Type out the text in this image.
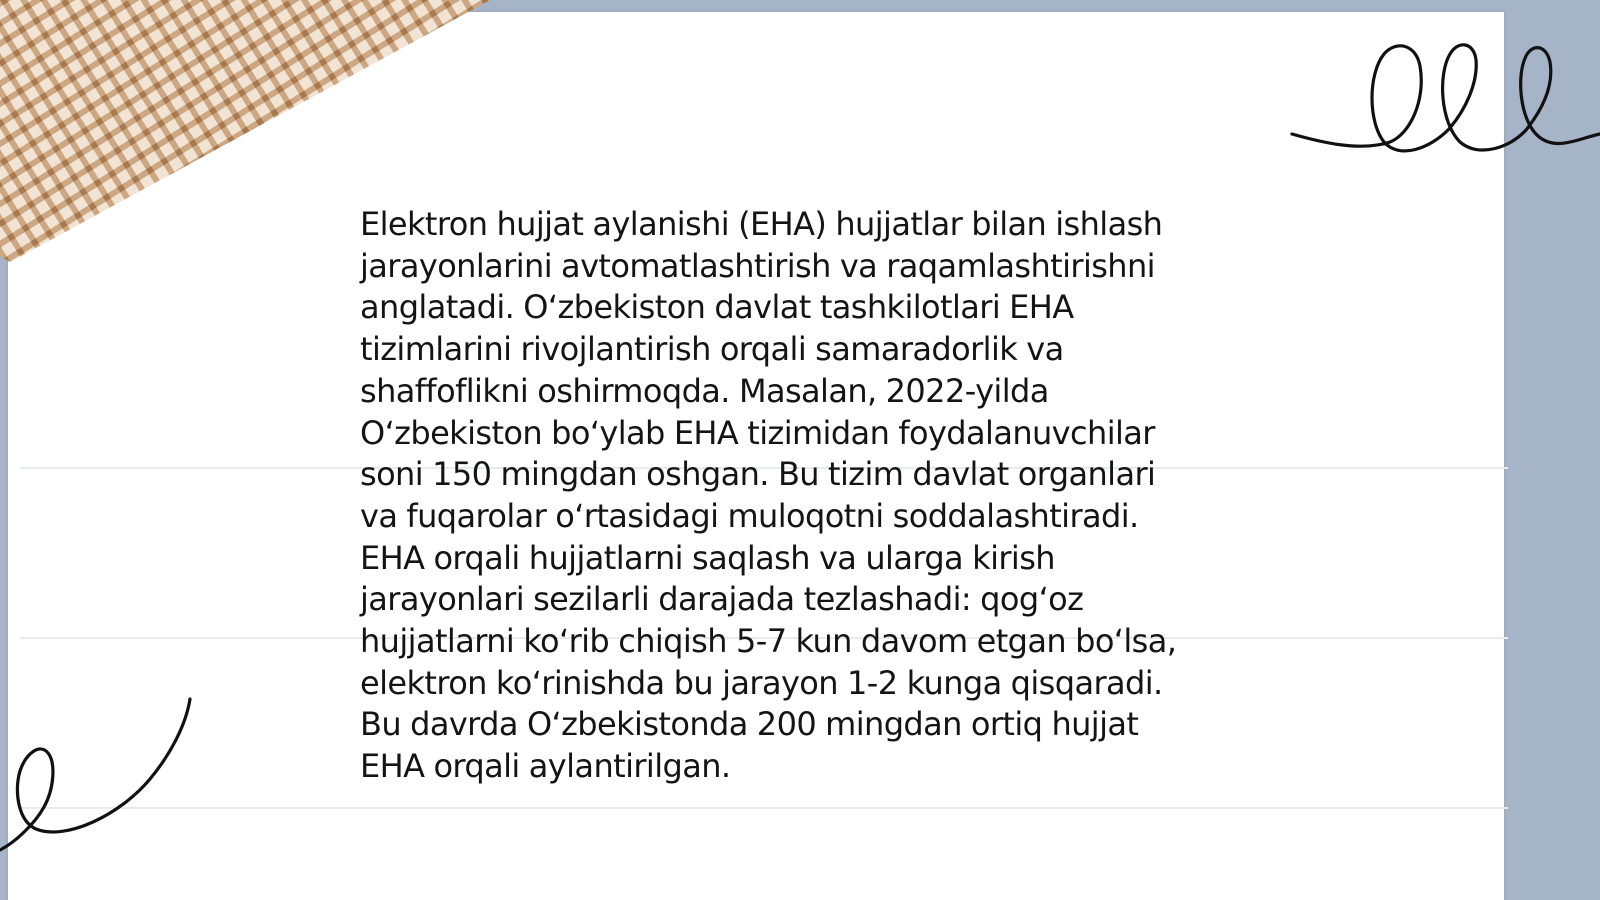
Elektron hujjat aylanishi (EHA) hujjatlar bilan ishlash
jarayonlarini avtomatlashtirish va raqamlashtirishni
anglatadi. O‘zbekiston davlat tashkilotlari EHA
tizimlarini rivojlantirish orqali samaradorlik va
shaffoflikni oshirmoqda. Masalan, 2022-yilda
O‘zbekiston bo‘ylab EHA tizimidan foydalanuvchilar
soni 150 mingdan oshgan. Bu tizim davlat organlari
va fuqarolar o‘rtasidagi muloqotni soddalashtiradi.
EHA orqali hujjatlarni saqlash va ularga kirish
jarayonlari sezilarli darajada tezlashadi: qog‘oz
hujjatlarni ko‘rib chiqish 5-7 kun davom etgan bo‘lsa,
elektron ko‘rinishda bu jarayon 1-2 kunga qisqaradi.
Bu davrda O‘zbekistonda 200 mingdan ortiq hujjat
EHA orqali aylantirilgan.
